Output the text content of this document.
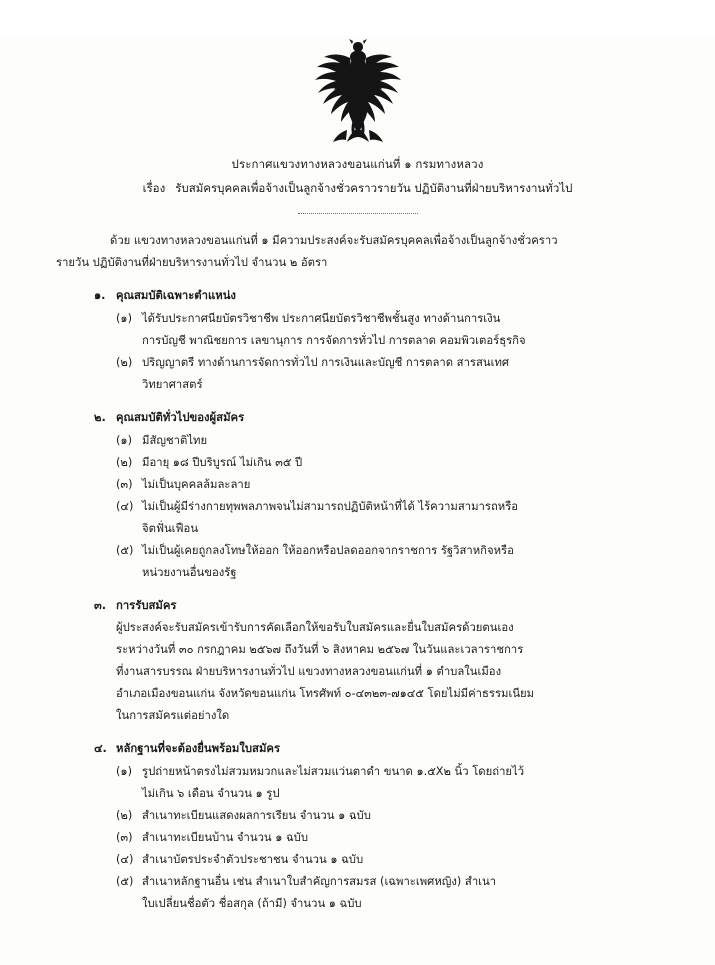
ประกาศแขวงทางหลวงขอนแก่นที่ ๑ กรมทางหลวง
เรื่อง รับสมัครบุคคลเพื่อจ้างเป็นลูกจ้างชั่วคราวรายวัน ปฏิบัติงานที่ฝ่ายบริหารงานทั่วไป
ด้วย แขวงทางหลวงขอนแก่นที่ ๑ มีความประสงค์จะรับสมัครบุคคลเพื่อจ้างเป็นลูกจ้างชั่วคราว
รายวัน ปฏิบัติงานที่ฝ่ายบริหารงานทั่วไป จำนวน ๒ อัตรา
๑. คุณสมบัติเฉพาะตำแหน่ง
(๑) ได้รับประกาศนียบัตรวิชาชีพ ประกาศนียบัตรวิชาชีพชั้นสูง ทางด้านการเงิน
การบัญชี พาณิชยการ เลขานุการ การจัดการทั่วไป การตลาด คอมพิวเตอร์ธุรกิจ
(๒) ปริญญาตรี ทางด้านการจัดการทั่วไป การเงินและบัญชี การตลาด สารสนเทศ
วิทยาศาสตร์
๒. คุณสมบัติทั่วไปของผู้สมัคร
(๑) มีสัญชาติไทย
(๒) มีอายุ ๑๘ ปีบริบูรณ์ ไม่เกิน ๓๕ ปี
(๓) ไม่เป็นบุคคลล้มละลาย
(๔) ไม่เป็นผู้มีร่างกายทุพพลภาพจนไม่สามารถปฏิบัติหน้าที่ได้ ไร้ความสามารถหรือ
จิตฟั่นเฟือน
(๕) ไม่เป็นผู้เคยถูกลงโทษให้ออก ให้ออกหรือปลดออกจากราชการ รัฐวิสาหกิจหรือ
หน่วยงานอื่นของรัฐ
๓. การรับสมัคร
ผู้ประสงค์จะรับสมัครเข้ารับการคัดเลือกให้ขอรับใบสมัครและยื่นใบสมัครด้วยตนเอง
ระหว่างวันที่ ๓๐ กรกฎาคม ๒๕๖๗ ถึงวันที่ ๖ สิงหาคม ๒๕๖๗ ในวันและเวลาราชการ
ที่งานสารบรรณ ฝ่ายบริหารงานทั่วไป แขวงทางหลวงขอนแก่นที่ ๑ ตำบลในเมือง
อำเภอเมืองขอนแก่น จังหวัดขอนแก่น โทรศัพท์ ๐-๔๓๒๓-๗๑๔๕ โดยไม่มีค่าธรรมเนียม
ในการสมัครแต่อย่างใด
๔. หลักฐานที่จะต้องยื่นพร้อมใบสมัคร
(๑) รูปถ่ายหน้าตรงไม่สวมหมวกและไม่สวมแว่นตาดำ ขนาด ๑.๕X๒ นิ้ว โดยถ่ายไว้
ไม่เกิน ๖ เดือน จำนวน ๑ รูป
(๒) สำเนาทะเบียนแสดงผลการเรียน จำนวน ๑ ฉบับ
(๓) สำเนาทะเบียนบ้าน จำนวน ๑ ฉบับ
(๔) สำเนาบัตรประจำตัวประชาชน จำนวน ๑ ฉบับ
(๕) สำเนาหลักฐานอื่น เช่น สำเนาใบสำคัญการสมรส (เฉพาะเพศหญิง) สำเนา
ใบเปลี่ยนชื่อตัว ชื่อสกุล (ถ้ามี) จำนวน ๑ ฉบับ
